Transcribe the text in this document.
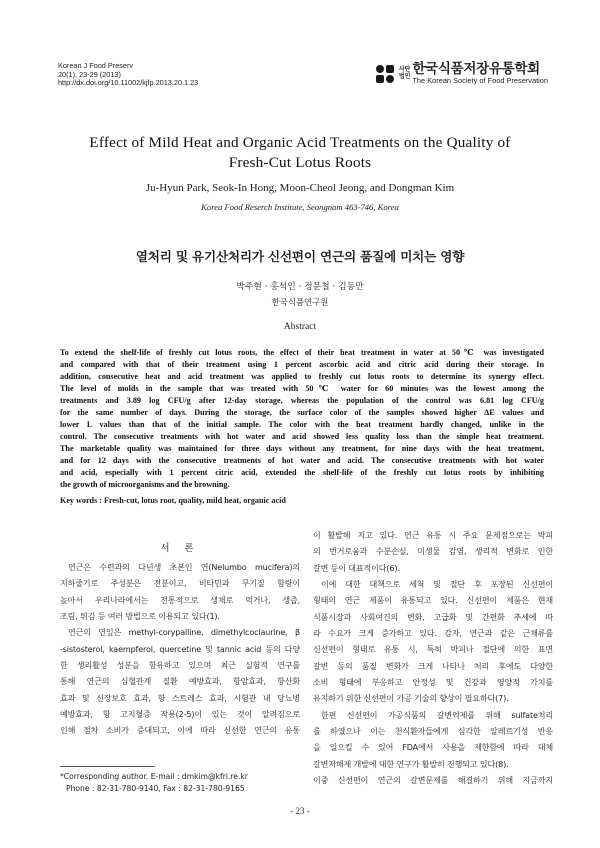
Korean J Food Preserv
20(1), 23-29 (2013)
http://dx.doi.org/10.11002/kjfp.2013.20.1.23
사단
법인 한국식품저장유통학회
The Korean Society of Food Preservation
Effect of Mild Heat and Organic Acid Treatments on the Quality of
Fresh-Cut Lotus Roots
Ju-Hyun Park, Seok-In Hong, Moon-Cheol Jeong, and Dongman Kim
Korea Food Reserch Institute, Seongnam 463-746, Korea
열처리 및 유기산처리가 신선편이 연근의 품질에 미치는 영향
박주현 · 홍석인 · 정문철 · 김동만
한국식품연구원
Abstract
To extend the shelf-life of freshly cut lotus roots, the effect of their heat treatment in water at 50℃ was investigated
and compared with that of their treatment using 1 percent ascorbic acid and citric acid during their storage. In
addition, consecutive heat and acid treatment was applied to freshly cut lotus roots to determine its synergy effect.
The level of molds in the sample that was treated with 50℃ water for 60 minutes was the lowest among the
treatments and 3.89 log CFU/g after 12-day storage, whereas the population of the control was 6.81 log CFU/g
for the same number of days. During the storage, the surface color of the samples showed higher ΔE values and
lower L values than that of the initial sample. The color with the heat treatment hardly changed, unlike in the
control. The consecutive treatments with hot water and acid showed less quality loss than the simple heat treatment.
The marketable quality was maintained for three days without any treatment, for nine days with the heat treatment,
and for 12 days with the consecutive treatments of hot water and acid. The consecutive treatments with hot water
and acid, especially with 1 percent citric acid, extended the shelf-life of the freshly cut lotus roots by inhibiting
the growth of microorganisms and the browning.
Key words : Fresh-cut, lotus root, quality, mild heat, organic acid
서 론
연근은 수련과의 다년생 초본인 연(Nelumbo mucifera)의
지하줄기로 주성분은 전분이고, 비타민과 무기질 함량이
높아서 우리나라에서는 전통적으로 생채로 먹거나, 생즙,
조림, 튀김 등 여러 방법으로 이용되고 있다(1).
연근의 연잎은 methyl-corypalline, dimethylcoclaurine, β
-sistosterol, kaempferol, quercetine 및 tannic acid 등의 다양
한 생리활성 성분을 함유하고 있으며 최근 실험적 연구를
통해 연근의 심혈관계 질환 예방효과, 항암효과, 항산화
효과 및 신장보호 효과, 항 스트레스 효과, 시험관 내 당뇨병
예방효과, 항 고지혈증 작용(2-5)이 있는 것이 알려짐으로
인해 점차 소비가 증대되고, 이에 따라 신선한 연근의 유통
이 활발해 지고 있다. 연근 유통 시 주요 문제점으로는 박피
의 번거로움과 수분손실, 미생물 감염, 생리적 변화로 인한
갈변 등이 대표적이다(6).
이에 대한 대책으로 세척 및 절단 후 포장된 신선편이
형태의 연근 제품이 유통되고 있다. 신선편이 제품은 현재
식품시장과 사회여건의 변화, 고급화 및 간편화 추세에 따
라 수요가 크게 증가하고 있다. 감자, 연근과 같은 근채류를
신선편이 형태로 유통 시, 특히 박피나 절단에 의한 표면
갈변 등의 품질 변화가 크게 나타나 처리 후에도 다양한
소비 형태에 부응하고 안정성 및 건강과 영양적 가치를
유지하기 위한 신선편이 가공 기술의 향상이 필요하다(7).
한편 신선편이 가공식품의 갈변억제를 위해 sulfate처리
를 하였으나 이는 천식환자들에게 심각한 알레르기성 반응
을 일으킬 수 있어 FDA에서 사용을 제한함에 따라 대체
갈변저해제 개발에 대한 연구가 활발히 진행되고 있다(8).
이중 신선편이 연근의 갈변문제를 해결하기 위해 지금까지
*Corresponding author. E-mail : dmkim@kfri.re.kr
Phone : 82-31-780-9140, Fax : 82-31-780-9165
- 23 -
